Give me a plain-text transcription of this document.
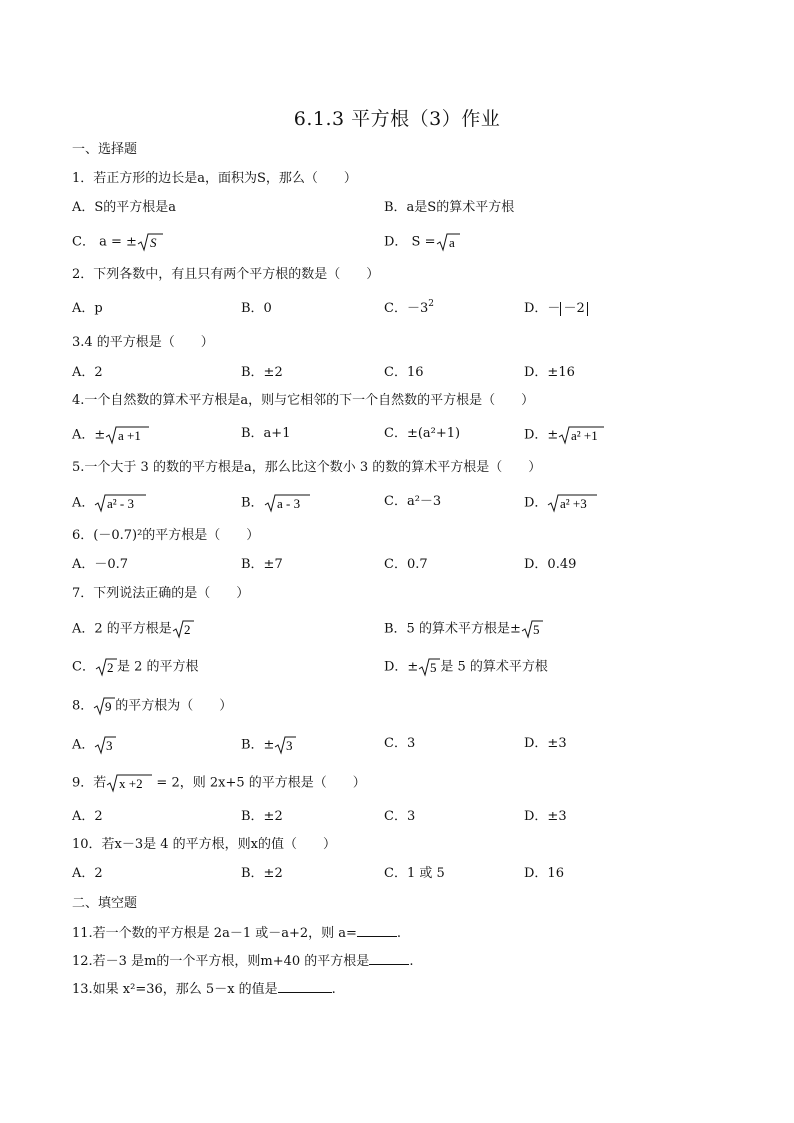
6.1.3 平方根（3）作业
一、选择题
1．若正方形的边长是a，面积为S，那么（　　）
A．S的平方根是a	B．a是S的算术平方根
C． a = ± S	D． S = a
2．下列各数中，有且只有两个平方根的数是（　　）
A．p	B．0	C．$-3^2$	D．－ －2
3.4 的平方根是（　　）
A．2	B．±2	C．16	D．±16
4.一个自然数的算术平方根是a，则与它相邻的下一个自然数的平方根是（　　）
A．± a +1	B．a+1	C．±(a²+1)	D．± a² +1
5.一个大于 3 的数的平方根是a，那么比这个数小 3 的数的算术平方根是（　　）
A． a² - 3	B． a - 3	C．a²－3	D． a² +3
6．(－0.7)²的平方根是（　　）
A．－0.7	B．±7	C．0.7	D．0.49
7．下列说法正确的是（　　）
A．2 的平方根是 2	B．5 的算术平方根是± 5
C． 2 是 2 的平方根	D．± 5 是 5 的算术平方根
8． 9 的平方根为（　　）
A． 3	B．± 3	C．3	D．±3
9．若 x +2 = 2，则 2x+5 的平方根是（　　）
A．2	B．±2	C．3	D．±3
10．若x－3是 4 的平方根，则x的值（　　）
A．2	B．±2	C．1 或 5	D．16
二、填空题
11.若一个数的平方根是 2a－1 或－a+2，则 a=	.
12.若－3 是m的一个平方根，则m+40 的平方根是	.
13.如果 x²=36，那么 5－x 的值是	.
